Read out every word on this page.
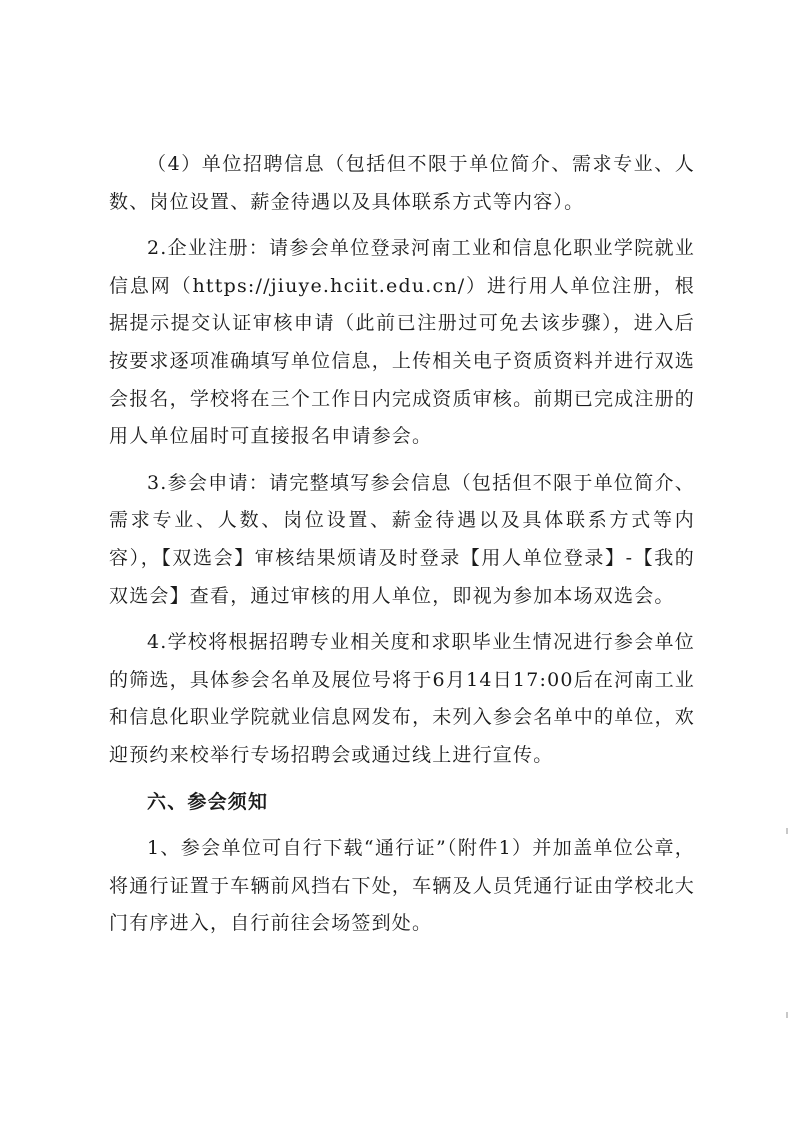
（4）单位招聘信息（包括但不限于单位简介、需求专业、人数、岗位设置、薪金待遇以及具体联系方式等内容）。

2.企业注册：请参会单位登录河南工业和信息化职业学院就业信息网（https://jiuye.hciit.edu.cn/）进行用人单位注册，根据提示提交认证审核申请（此前已注册过可免去该步骤），进入后按要求逐项准确填写单位信息，上传相关电子资质资料并进行双选会报名，学校将在三个工作日内完成资质审核。前期已完成注册的用人单位届时可直接报名申请参会。

3.参会申请：请完整填写参会信息（包括但不限于单位简介、需求专业、人数、岗位设置、薪金待遇以及具体联系方式等内容），【双选会】审核结果烦请及时登录【用人单位登录】-【我的双选会】查看，通过审核的用人单位，即视为参加本场双选会。

4.学校将根据招聘专业相关度和求职毕业生情况进行参会单位的筛选，具体参会名单及展位号将于6月14日17:00后在河南工业和信息化职业学院就业信息网发布，未列入参会名单中的单位，欢迎预约来校举行专场招聘会或通过线上进行宣传。

六、参会须知

1、参会单位可自行下载“通行证”（附件1）并加盖单位公章，将通行证置于车辆前风挡右下处，车辆及人员凭通行证由学校北大门有序进入，自行前往会场签到处。
